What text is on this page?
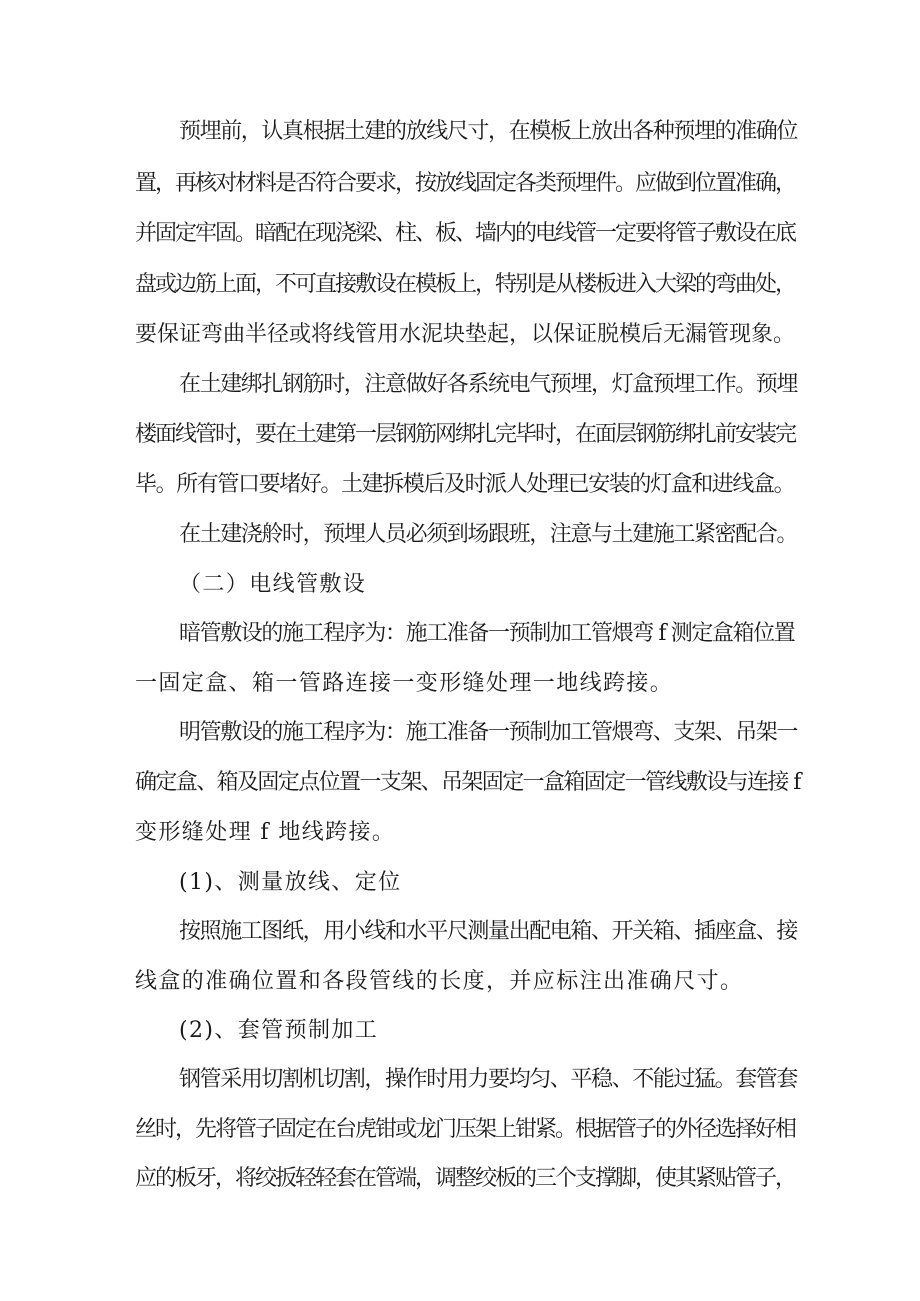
预埋前，认真根据土建的放线尺寸，在模板上放出各种预埋的准确位
置，再核对材料是否符合要求，按放线固定各类预埋件。应做到位置准确，
并固定牢固。暗配在现浇梁、柱、板、墙内的电线管一定要将管子敷设在底
盘或边筋上面，不可直接敷设在模板上，特别是从楼板进入大梁的弯曲处，
要保证弯曲半径或将线管用水泥块垫起，以保证脱模后无漏管现象。
在土建绑扎钢筋时，注意做好各系统电气预埋，灯盒预埋工作。预埋
楼面线管时，要在土建第一层钢筋网绑扎完毕时，在面层钢筋绑扎前安装完
毕。所有管口要堵好。土建拆模后及时派人处理已安装的灯盒和进线盒。
在土建浇舲时，预埋人员必须到场跟班，注意与土建施工紧密配合。
（二）电线管敷设
暗管敷设的施工程序为：施工准备一预制加工管煨弯 f 测定盒箱位置
一固定盒、箱一管路连接一变形缝处理一地线跨接。
明管敷设的施工程序为：施工准备一预制加工管煨弯、支架、吊架一
确定盒、箱及固定点位置一支架、吊架固定一盒箱固定一管线敷设与连接 f
变形缝处理 f 地线跨接。
(1)、测量放线、定位
按照施工图纸，用小线和水平尺测量出配电箱、开关箱、插座盒、接
线盒的准确位置和各段管线的长度，并应标注出准确尺寸。
(2)、套管预制加工
钢管采用切割机切割，操作时用力要均匀、平稳、不能过猛。套管套
丝时，先将管子固定在台虎钳或龙门压架上钳紧。根据管子的外径选择好相
应的板牙，将绞扳轻轻套在管端，调整绞板的三个支撑脚，使其紧贴管子，
